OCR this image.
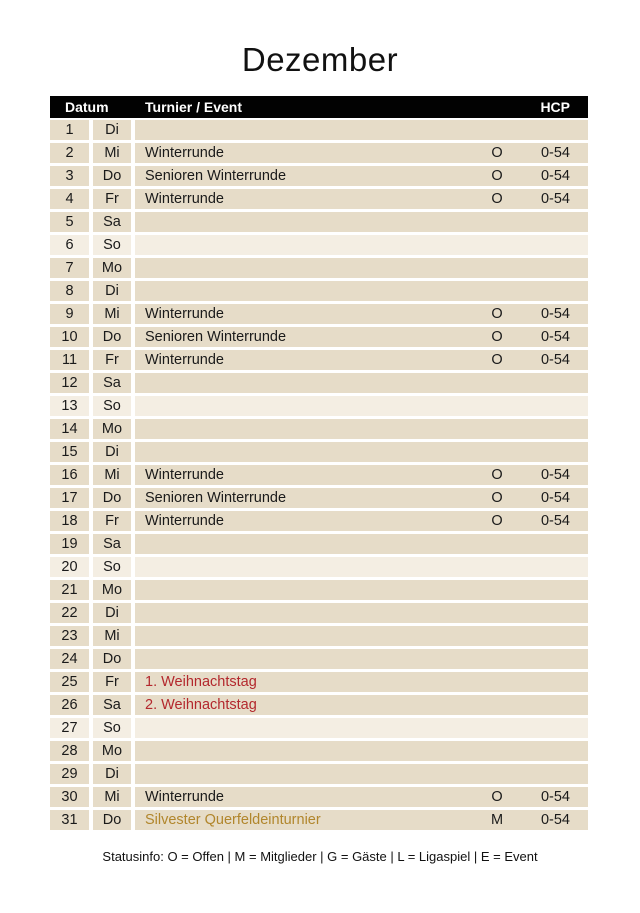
Dezember
Datum	Turnier / Event	HCP
1	Di
2	Mi	Winterrunde	O	0-54
3	Do	Senioren Winterrunde	O	0-54
4	Fr	Winterrunde	O	0-54
5	Sa
6	So
7	Mo
8	Di
9	Mi	Winterrunde	O	0-54
10	Do	Senioren Winterrunde	O	0-54
11	Fr	Winterrunde	O	0-54
12	Sa
13	So
14	Mo
15	Di
16	Mi	Winterrunde	O	0-54
17	Do	Senioren Winterrunde	O	0-54
18	Fr	Winterrunde	O	0-54
19	Sa
20	So
21	Mo
22	Di
23	Mi
24	Do
25	Fr	1. Weihnachtstag
26	Sa	2. Weihnachtstag
27	So
28	Mo
29	Di
30	Mi	Winterrunde	O	0-54
31	Do	Silvester Querfeldeinturnier	M	0-54
Statusinfo: O = Offen | M = Mitglieder | G = Gäste | L = Ligaspiel | E = Event
